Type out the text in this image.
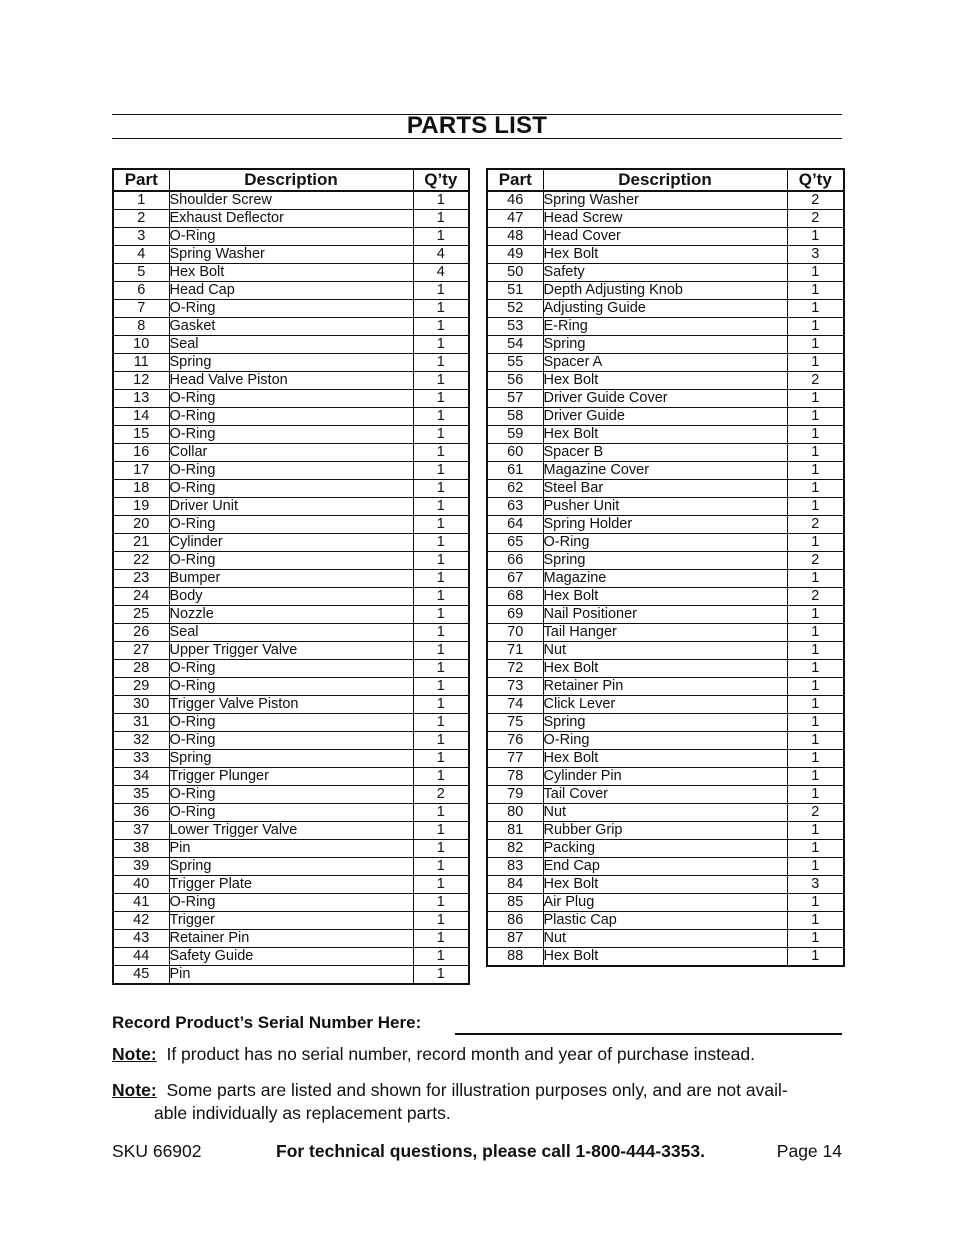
PARTS LIST
Part	Description	Q’ty
1	Shoulder Screw	1
2	Exhaust Deflector	1
3	O-Ring	1
4	Spring Washer	4
5	Hex Bolt	4
6	Head Cap	1
7	O-Ring	1
8	Gasket	1
10	Seal	1
11	Spring	1
12	Head Valve Piston	1
13	O-Ring	1
14	O-Ring	1
15	O-Ring	1
16	Collar	1
17	O-Ring	1
18	O-Ring	1
19	Driver Unit	1
20	O-Ring	1
21	Cylinder	1
22	O-Ring	1
23	Bumper	1
24	Body	1
25	Nozzle	1
26	Seal	1
27	Upper Trigger Valve	1
28	O-Ring	1
29	O-Ring	1
30	Trigger Valve Piston	1
31	O-Ring	1
32	O-Ring	1
33	Spring	1
34	Trigger Plunger	1
35	O-Ring	2
36	O-Ring	1
37	Lower Trigger Valve	1
38	Pin	1
39	Spring	1
40	Trigger Plate	1
41	O-Ring	1
42	Trigger	1
43	Retainer Pin	1
44	Safety Guide	1
45	Pin	1
Part	Description	Q’ty
46	Spring Washer	2
47	Head Screw	2
48	Head Cover	1
49	Hex Bolt	3
50	Safety	1
51	Depth Adjusting Knob	1
52	Adjusting Guide	1
53	E-Ring	1
54	Spring	1
55	Spacer A	1
56	Hex Bolt	2
57	Driver Guide Cover	1
58	Driver Guide	1
59	Hex Bolt	1
60	Spacer B	1
61	Magazine Cover	1
62	Steel Bar	1
63	Pusher Unit	1
64	Spring Holder	2
65	O-Ring	1
66	Spring	2
67	Magazine	1
68	Hex Bolt	2
69	Nail Positioner	1
70	Tail Hanger	1
71	Nut	1
72	Hex Bolt	1
73	Retainer Pin	1
74	Click Lever	1
75	Spring	1
76	O-Ring	1
77	Hex Bolt	1
78	Cylinder Pin	1
79	Tail Cover	1
80	Nut	2
81	Rubber Grip	1
82	Packing	1
83	End Cap	1
84	Hex Bolt	3
85	Air Plug	1
86	Plastic Cap	1
87	Nut	1
88	Hex Bolt	1
Record Product’s Serial Number Here:
Note: If product has no serial number, record month and year of purchase instead.
Note: Some parts are listed and shown for illustration purposes only, and are not avail-
able individually as replacement parts.
SKU 66902	For technical questions, please call 1-800-444-3353.	Page 14
